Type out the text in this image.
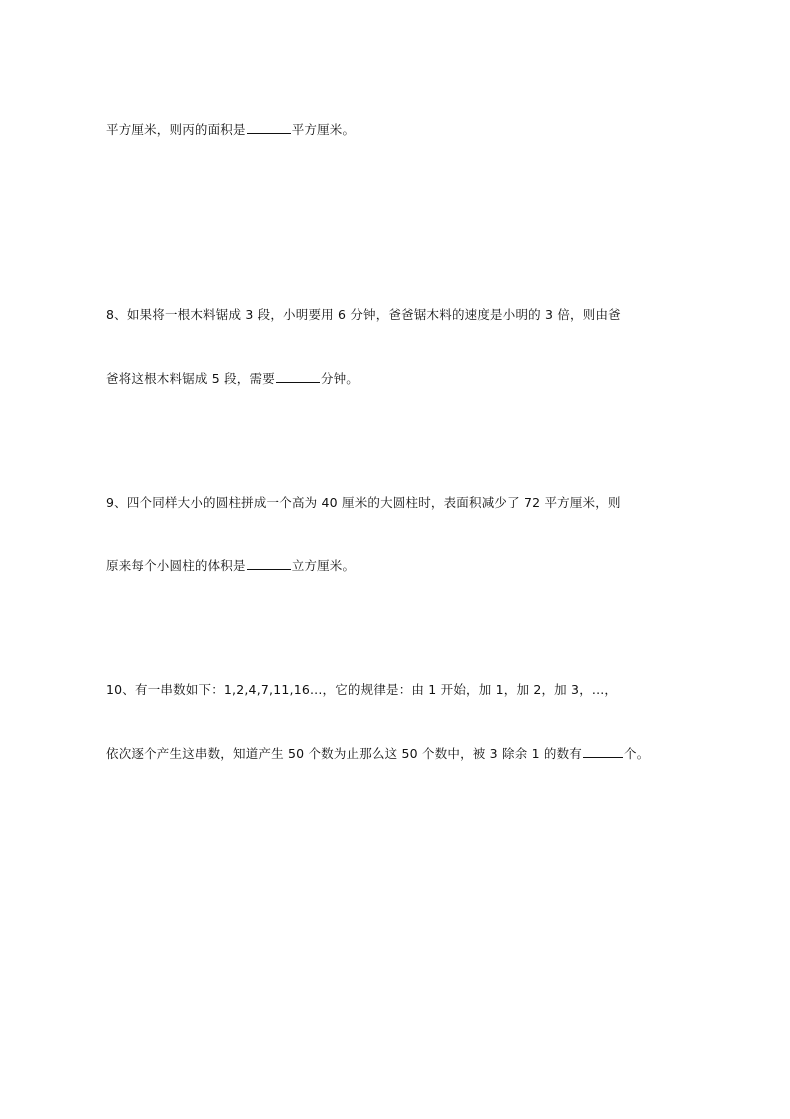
平方厘米，则丙的面积是	平方厘米。
8、如果将一根木料锯成 3 段，小明要用 6 分钟，爸爸锯木料的速度是小明的 3 倍，则由爸
爸将这根木料锯成 5 段，需要	分钟。
9、四个同样大小的圆柱拼成一个高为 40 厘米的大圆柱时，表面积减少了 72 平方厘米，则
原来每个小圆柱的体积是	立方厘米。
10、有一串数如下：1,2,4,7,11,16...，它的规律是：由 1 开始，加 1，加 2，加 3，...，
依次逐个产生这串数，知道产生 50 个数为止那么这 50 个数中，被 3 除余 1 的数有	个。
